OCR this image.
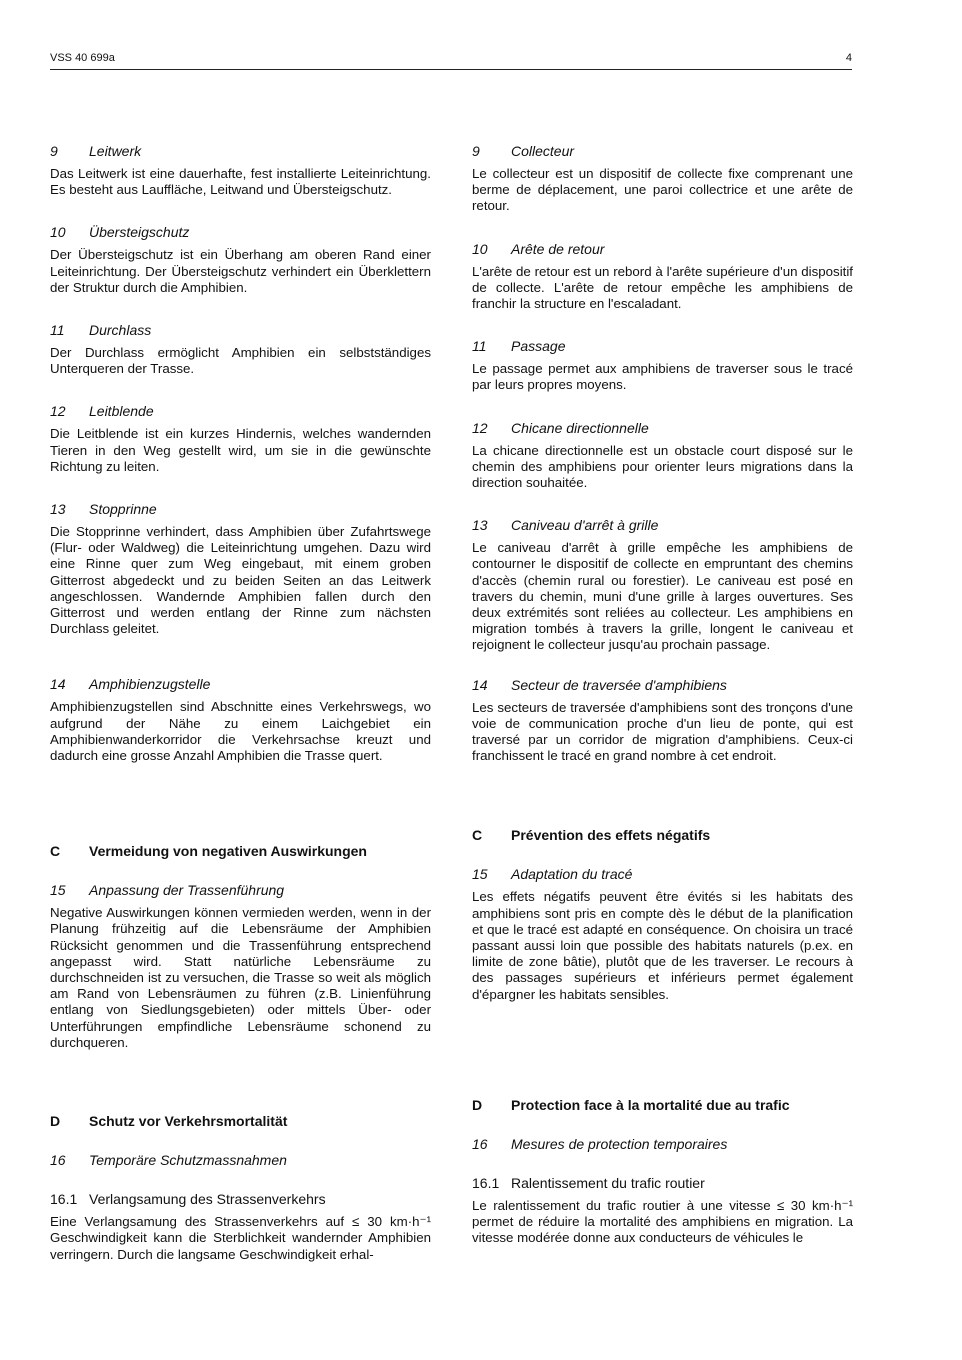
VSS 40 699a	4
9	Leitwerk

Das Leitwerk ist eine dauerhafte, fest installierte Leiteinrichtung. Es besteht aus Lauffläche, Leitwand und Übersteigschutz.

10	Übersteigschutz

Der Übersteigschutz ist ein Überhang am oberen Rand einer Leiteinrichtung. Der Übersteigschutz verhindert ein Überklettern der Struktur durch die Amphibien.

11	Durchlass

Der Durchlass ermöglicht Amphibien ein selbstständiges Unterqueren der Trasse.

12	Leitblende

Die Leitblende ist ein kurzes Hindernis, welches wandernden Tieren in den Weg gestellt wird, um sie in die gewünschte Richtung zu leiten.

13	Stopprinne

Die Stopprinne verhindert, dass Amphibien über Zufahrtswege (Flur- oder Waldweg) die Leiteinrichtung umgehen. Dazu wird eine Rinne quer zum Weg eingebaut, mit einem groben Gitterrost abgedeckt und zu beiden Seiten an das Leitwerk angeschlossen. Wandernde Amphibien fallen durch den Gitterrost und werden entlang der Rinne zum nächsten Durchlass geleitet.

14	Amphibienzugstelle

Amphibienzugstellen sind Abschnitte eines Verkehrswegs, wo aufgrund der Nähe zu einem Laichgebiet ein Amphibienwanderkorridor die Verkehrsachse kreuzt und dadurch eine grosse Anzahl Amphibien die Trasse quert.

C	Vermeidung von negativen Auswirkungen
15	Anpassung der Trassenführung

Negative Auswirkungen können vermieden werden, wenn in der Planung frühzeitig auf die Lebensräume der Amphibien Rücksicht genommen und die Trassenführung entsprechend angepasst wird. Statt natürliche Lebensräume zu durchschneiden ist zu versuchen, die Trasse so weit als möglich am Rand von Lebensräumen zu führen (z.B. Linienführung entlang von Siedlungsgebieten) oder mittels Über- oder Unterführungen empfindliche Lebensräume schonend zu durchqueren.

D	Schutz vor Verkehrsmortalität
16	Temporäre Schutzmassnahmen
16.1 Verlangsamung des Strassenverkehrs

Eine Verlangsamung des Strassenverkehrs auf ≤ 30 km·h⁻¹ Geschwindigkeit kann die Sterblichkeit wandernder Amphibien verringern. Durch die langsame Geschwindigkeit erhal-

9	Collecteur

Le collecteur est un dispositif de collecte fixe comprenant une berme de déplacement, une paroi collectrice et une arête de retour.

10	Arête de retour

L'arête de retour est un rebord à l'arête supérieure d'un dispositif de collecte. L'arête de retour empêche les amphibiens de franchir la structure en l'escaladant.

11	Passage

Le passage permet aux amphibiens de traverser sous le tracé par leurs propres moyens.

12	Chicane directionnelle

La chicane directionnelle est un obstacle court disposé sur le chemin des amphibiens pour orienter leurs migrations dans la direction souhaitée.

13	Caniveau d'arrêt à grille

Le caniveau d'arrêt à grille empêche les amphibiens de contourner le dispositif de collecte en empruntant des chemins d'accès (chemin rural ou forestier). Le caniveau est posé en travers du chemin, muni d'une grille à larges ouvertures. Ses deux extrémités sont reliées au collecteur. Les amphibiens en migration tombés à travers la grille, longent le caniveau et rejoignent le collecteur jusqu'au prochain passage.

14	Secteur de traversée d'amphibiens

Les secteurs de traversée d'amphibiens sont des tronçons d'une voie de communication proche d'un lieu de ponte, qui est traversé par un corridor de migration d'amphibiens. Ceux-ci franchissent le tracé en grand nombre à cet endroit.

C	Prévention des effets négatifs
15	Adaptation du tracé

Les effets négatifs peuvent être évités si les habitats des amphibiens sont pris en compte dès le début de la planification et que le tracé est adapté en conséquence. On choisira un tracé passant aussi loin que possible des habitats naturels (p.ex. en limite de zone bâtie), plutôt que de les traverser. Le recours à des passages supérieurs et inférieurs permet également d'épargner les habitats sensibles.

D	Protection face à la mortalité due au trafic
16	Mesures de protection temporaires
16.1 Ralentissement du trafic routier

Le ralentissement du trafic routier à une vitesse ≤ 30 km·h⁻¹ permet de réduire la mortalité des amphibiens en migration. La vitesse modérée donne aux conducteurs de véhicules le
